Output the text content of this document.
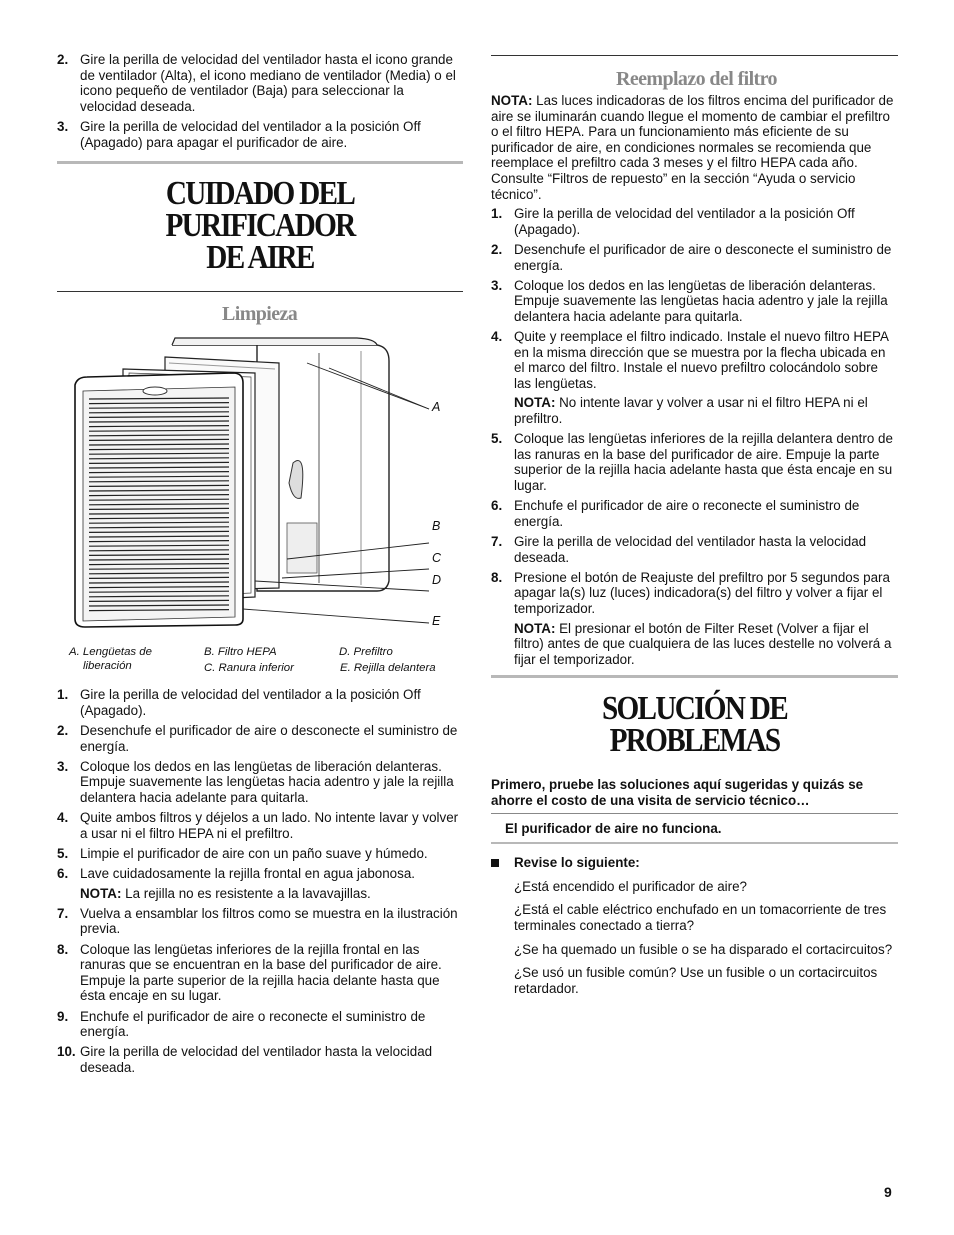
2. Gire la perilla de velocidad del ventilador hasta el icono grande de ventilador (Alta), el icono mediano de ventilador (Media) o el icono pequeño de ventilador (Baja) para seleccionar la velocidad deseada.
3. Gire la perilla de velocidad del ventilador a la posición Off (Apagado) para apagar el purificador de aire.
CUIDADO DEL PURIFICADOR
DE AIRE
Limpieza
A
B
C
D
E
A. Lengüetas de
liberación
B. Filtro HEPA
C. Ranura inferior
D. Prefiltro
E. Rejilla delantera
1. Gire la perilla de velocidad del ventilador a la posición Off (Apagado).
2. Desenchufe el purificador de aire o desconecte el suministro de energía.
3. Coloque los dedos en las lengüetas de liberación delanteras. Empuje suavemente las lengüetas hacia adentro y jale la rejilla delantera hacia adelante para quitarla.
4. Quite ambos filtros y déjelos a un lado. No intente lavar y volver a usar ni el filtro HEPA ni el prefiltro.
5. Limpie el purificador de aire con un paño suave y húmedo.
6. Lave cuidadosamente la rejilla frontal en agua jabonosa.
NOTA: La rejilla no es resistente a la lavavajillas.
7. Vuelva a ensamblar los filtros como se muestra en la ilustración previa.
8. Coloque las lengüetas inferiores de la rejilla frontal en las ranuras que se encuentran en la base del purificador de aire. Empuje la parte superior de la rejilla hacia delante hasta que ésta encaje en su lugar.
9. Enchufe el purificador de aire o reconecte el suministro de energía.
10. Gire la perilla de velocidad del ventilador hasta la velocidad deseada.
Reemplazo del filtro
NOTA: Las luces indicadoras de los filtros encima del purificador de aire se iluminarán cuando llegue el momento de cambiar el prefiltro o el filtro HEPA. Para un funcionamiento más eficiente de su purificador de aire, en condiciones normales se recomienda que reemplace el prefiltro cada 3 meses y el filtro HEPA cada año. Consulte “Filtros de repuesto” en la sección “Ayuda o servicio técnico”.
1. Gire la perilla de velocidad del ventilador a la posición Off (Apagado).
2. Desenchufe el purificador de aire o desconecte el suministro de energía.
3. Coloque los dedos en las lengüetas de liberación delanteras. Empuje suavemente las lengüetas hacia adentro y jale la rejilla delantera hacia adelante para quitarla.
4. Quite y reemplace el filtro indicado. Instale el nuevo filtro HEPA en la misma dirección que se muestra por la flecha ubicada en el marco del filtro. Instale el nuevo prefiltro colocándolo sobre las lengüetas.
NOTA: No intente lavar y volver a usar ni el filtro HEPA ni el prefiltro.
5. Coloque las lengüetas inferiores de la rejilla delantera dentro de las ranuras en la base del purificador de aire. Empuje la parte superior de la rejilla hacia adelante hasta que ésta encaje en su lugar.
6. Enchufe el purificador de aire o reconecte el suministro de energía.
7. Gire la perilla de velocidad del ventilador hasta la velocidad deseada.
8. Presione el botón de Reajuste del prefiltro por 5 segundos para apagar la(s) luz (luces) indicadora(s) del filtro y volver a fijar el temporizador.
NOTA: El presionar el botón de Filter Reset (Volver a fijar el filtro) antes de que cualquiera de las luces destelle no volverá a fijar el temporizador.
SOLUCIÓN DE PROBLEMAS
Primero, pruebe las soluciones aquí sugeridas y quizás se ahorre el costo de una visita de servicio técnico…
El purificador de aire no funciona.
Revise lo siguiente:

¿Está encendido el purificador de aire?

¿Está el cable eléctrico enchufado en un tomacorriente de tres terminales conectado a tierra?

¿Se ha quemado un fusible o se ha disparado el cortacircuitos?

¿Se usó un fusible común? Use un fusible o un cortacircuitos retardador.

9
